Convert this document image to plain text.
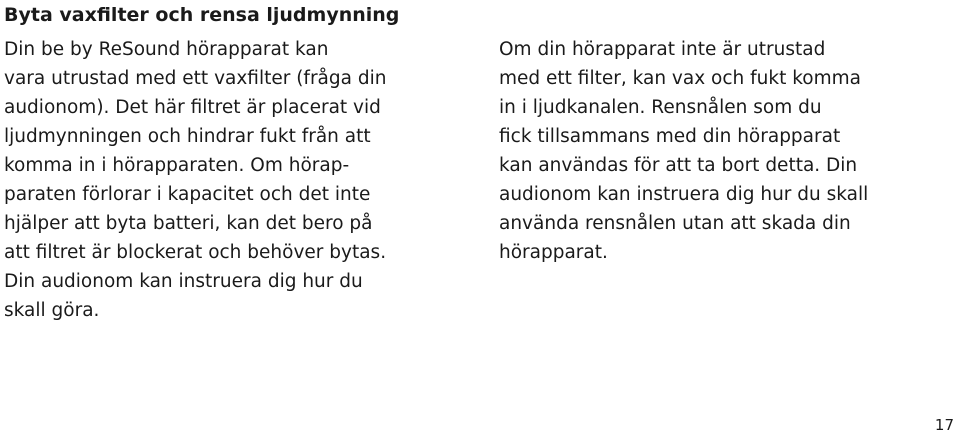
Byta vaxfilter och rensa ljudmynning
Din be by ReSound hörapparat kan
vara utrustad med ett vaxfilter (fråga din
audionom). Det här filtret är placerat vid
ljudmynningen och hindrar fukt från att
komma in i hörapparaten. Om hörap-
paraten förlorar i kapacitet och det inte
hjälper att byta batteri, kan det bero på
att filtret är blockerat och behöver bytas.
Din audionom kan instruera dig hur du
skall göra.
Om din hörapparat inte är utrustad
med ett filter, kan vax och fukt komma
in i ljudkanalen. Rensnålen som du
fick tillsammans med din hörapparat
kan användas för att ta bort detta. Din
audionom kan instruera dig hur du skall
använda rensnålen utan att skada din
hörapparat.
17
